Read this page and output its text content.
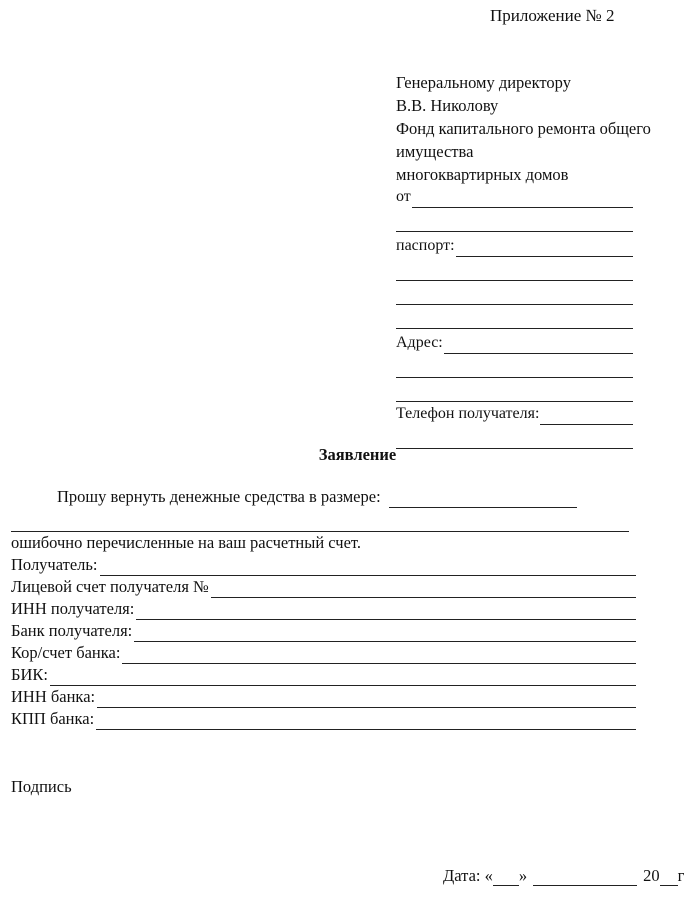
Приложение № 2
Генеральному директору
В.В. Николову
Фонд капитального ремонта общего
имущества
многоквартирных домов
от
паспорт:
Адрес:
Телефон получателя:
Заявление
Прошу вернуть денежные средства в размере:
ошибочно перечисленные на ваш расчетный счет.
Получатель:
Лицевой счет получателя №
ИНН получателя:
Банк получателя:
Кор/счет банка:
БИК:
ИНН банка:
КПП банка:
Подпись
Дата: « »	20 г
